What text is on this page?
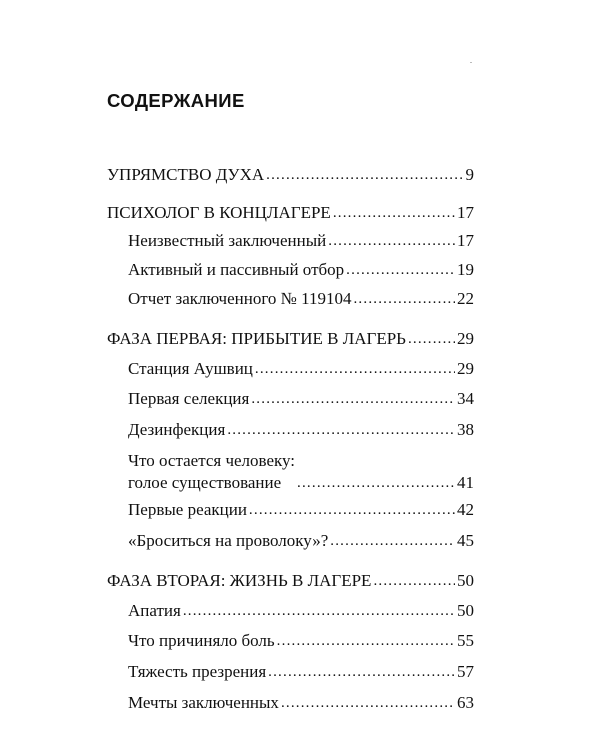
СОДЕРЖАНИЕ
УПРЯМСТВО ДУХА .....	9
ПСИХОЛОГ В КОНЦЛАГЕРЕ .....	17
Неизвестный заключенный .....	17
Активный и пассивный отбор .....	19
Отчет заключенного № 119104 .....	22
ФАЗА ПЕРВАЯ: ПРИБЫТИЕ В ЛАГЕРЬ .....	29
Станция Аушвиц .....	29
Первая селекция .....	34
Дезинфекция .....	38
Что остается человеку:
голое существование .....	41
Первые реакции .....	42
«Броситься на проволоку»? .....	45
ФАЗА ВТОРАЯ: ЖИЗНЬ В ЛАГЕРЕ .....	50
Апатия .....	50
Что причиняло боль .....	55
Тяжесть презрения .....	57
Мечты заключенных .....	63
